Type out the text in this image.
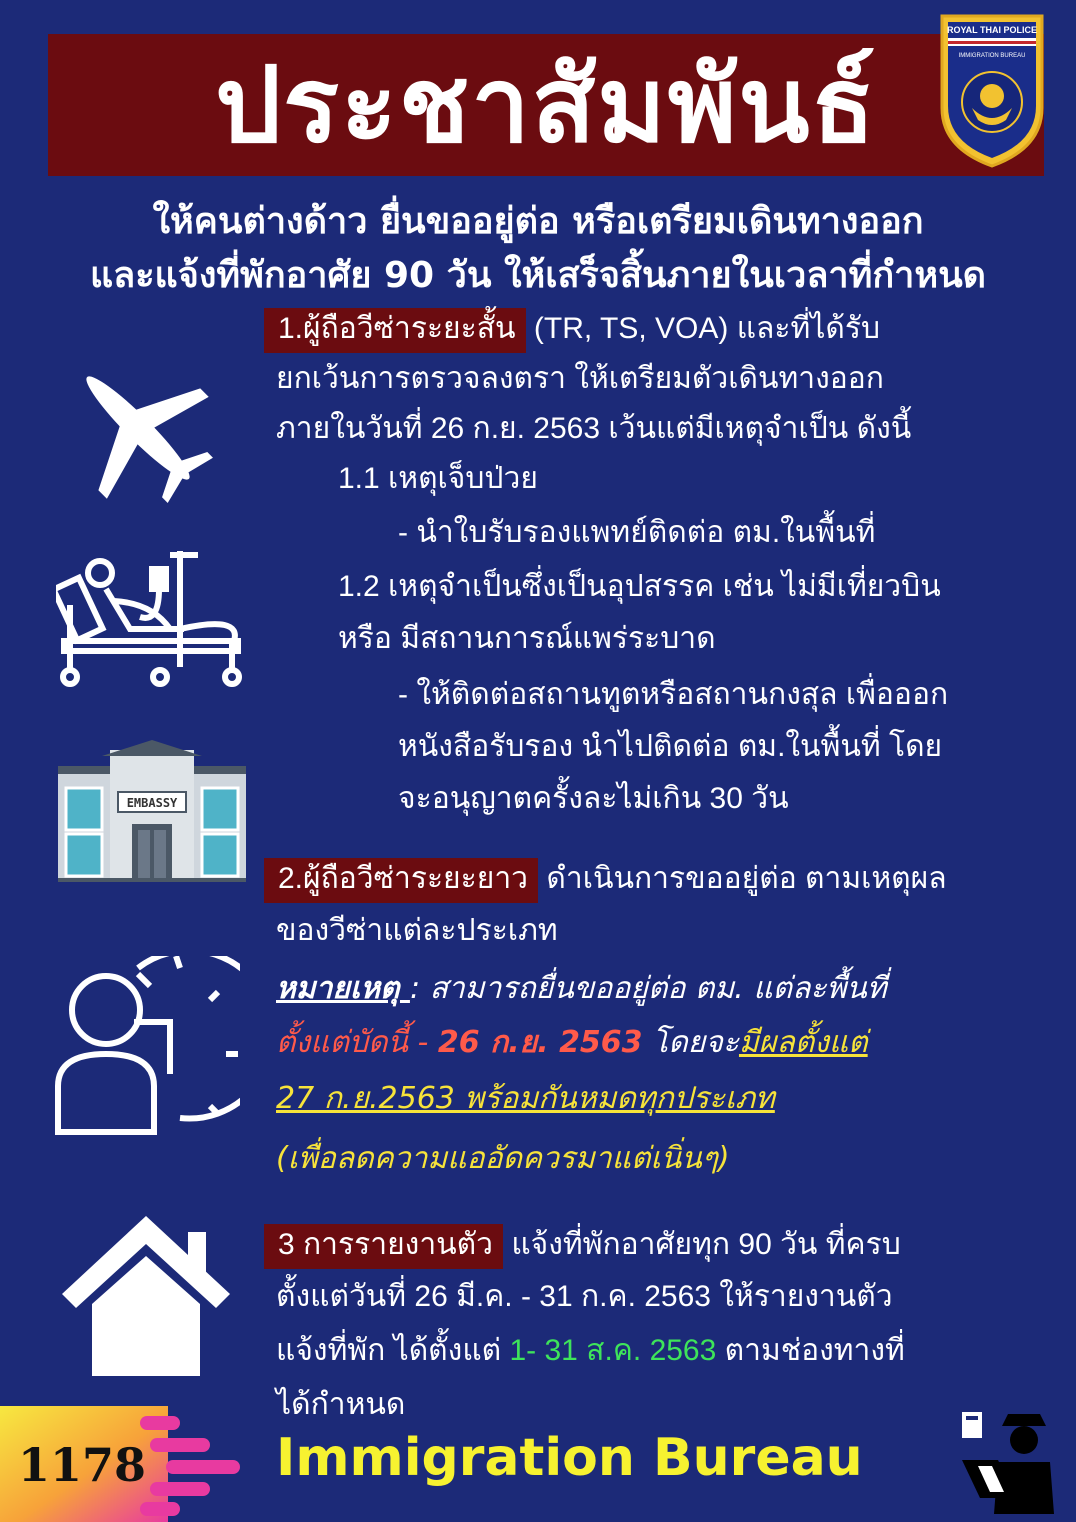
ประชาสัมพันธ์
ROYAL THAI POLICE
IMMIGRATION BUREAU
ให้คนต่างด้าว ยื่นขออยู่ต่อ หรือเตรียมเดินทางออก
และแจ้งที่พักอาศัย 90 วัน ให้เสร็จสิ้นภายในเวลาที่กำหนด
EMBASSY
1.ผู้ถือวีซ่าระยะสั้น (TR, TS, VOA) และที่ได้รับ
ยกเว้นการตรวจลงตรา ให้เตรียมตัวเดินทางออก
ภายในวันที่ 26 ก.ย. 2563 เว้นแต่มีเหตุจำเป็น ดังนี้
1.1 เหตุเจ็บป่วย
- นำใบรับรองแพทย์ติดต่อ ตม.ในพื้นที่
1.2 เหตุจำเป็นซึ่งเป็นอุปสรรค เช่น ไม่มีเที่ยวบิน
หรือ มีสถานการณ์แพร่ระบาด
- ให้ติดต่อสถานทูตหรือสถานกงสุล เพื่อออก
หนังสือรับรอง นำไปติดต่อ ตม.ในพื้นที่ โดย
จะอนุญาตครั้งละไม่เกิน 30 วัน
2.ผู้ถือวีซ่าระยะยาว ดำเนินการขออยู่ต่อ ตามเหตุผล
ของวีซ่าแต่ละประเภท
หมายเหตุ : สามารถยื่นขออยู่ต่อ ตม. แต่ละพื้นที่
ตั้งแต่บัดนี้ - 26 ก.ย. 2563 โดยจะมีผลตั้งแต่
27 ก.ย.2563 พร้อมกันหมดทุกประเภท
(เพื่อลดความแออัดควรมาแต่เนิ่นๆ)
3 การรายงานตัว แจ้งที่พักอาศัยทุก 90 วัน ที่ครบ
ตั้งแต่วันที่ 26 มี.ค. - 31 ก.ค. 2563 ให้รายงานตัว
แจ้งที่พัก ได้ตั้งแต่ 1- 31 ส.ค. 2563 ตามช่องทางที่
ได้กำหนด
1178 Immigration Bureau
